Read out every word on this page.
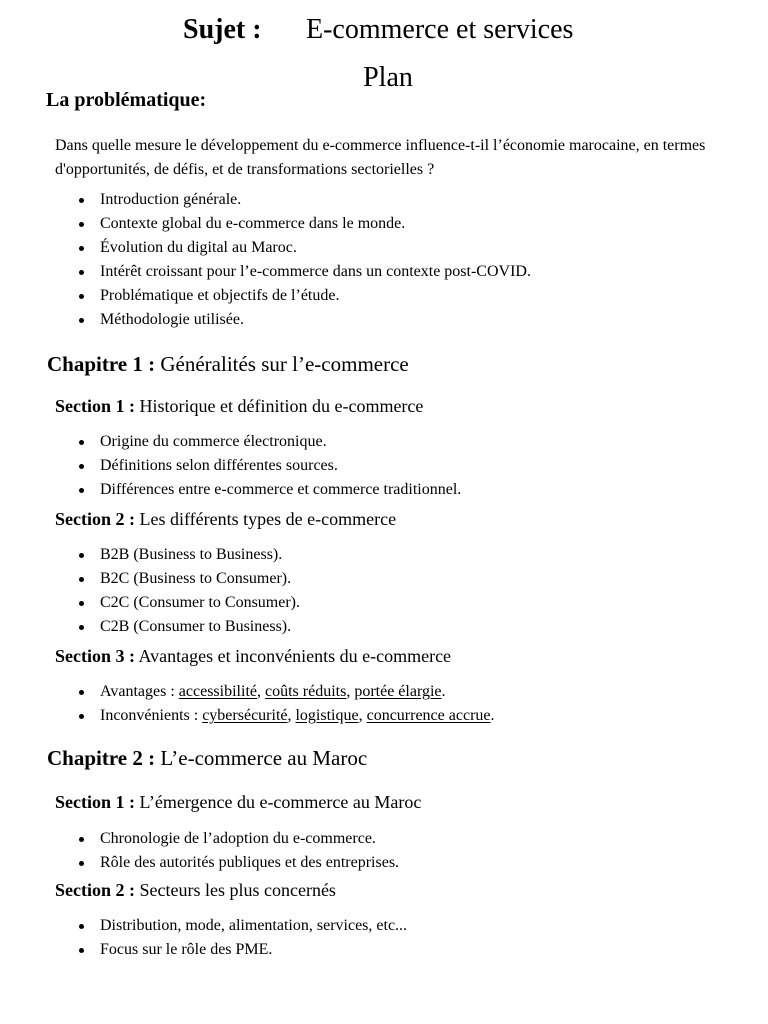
Sujet : E-commerce et services
Plan
La problématique:
Dans quelle mesure le développement du e-commerce influence-t-il l’économie marocaine, en termes d'opportunités, de défis, et de transformations sectorielles ?
Introduction générale.
Contexte global du e-commerce dans le monde.
Évolution du digital au Maroc.
Intérêt croissant pour l’e-commerce dans un contexte post-COVID.
Problématique et objectifs de l’étude.
Méthodologie utilisée.
Chapitre 1 : Généralités sur l’e-commerce
Section 1 : Historique et définition du e-commerce
Origine du commerce électronique.
Définitions selon différentes sources.
Différences entre e-commerce et commerce traditionnel.
Section 2 : Les différents types de e-commerce
B2B (Business to Business).
B2C (Business to Consumer).
C2C (Consumer to Consumer).
C2B (Consumer to Business).
Section 3 : Avantages et inconvénients du e-commerce
Avantages : accessibilité, coûts réduits, portée élargie.
Inconvénients : cybersécurité, logistique, concurrence accrue.
Chapitre 2 : L’e-commerce au Maroc
Section 1 : L’émergence du e-commerce au Maroc
Chronologie de l’adoption du e-commerce.
Rôle des autorités publiques et des entreprises.
Section 2 : Secteurs les plus concernés
Distribution, mode, alimentation, services, etc...
Focus sur le rôle des PME.
